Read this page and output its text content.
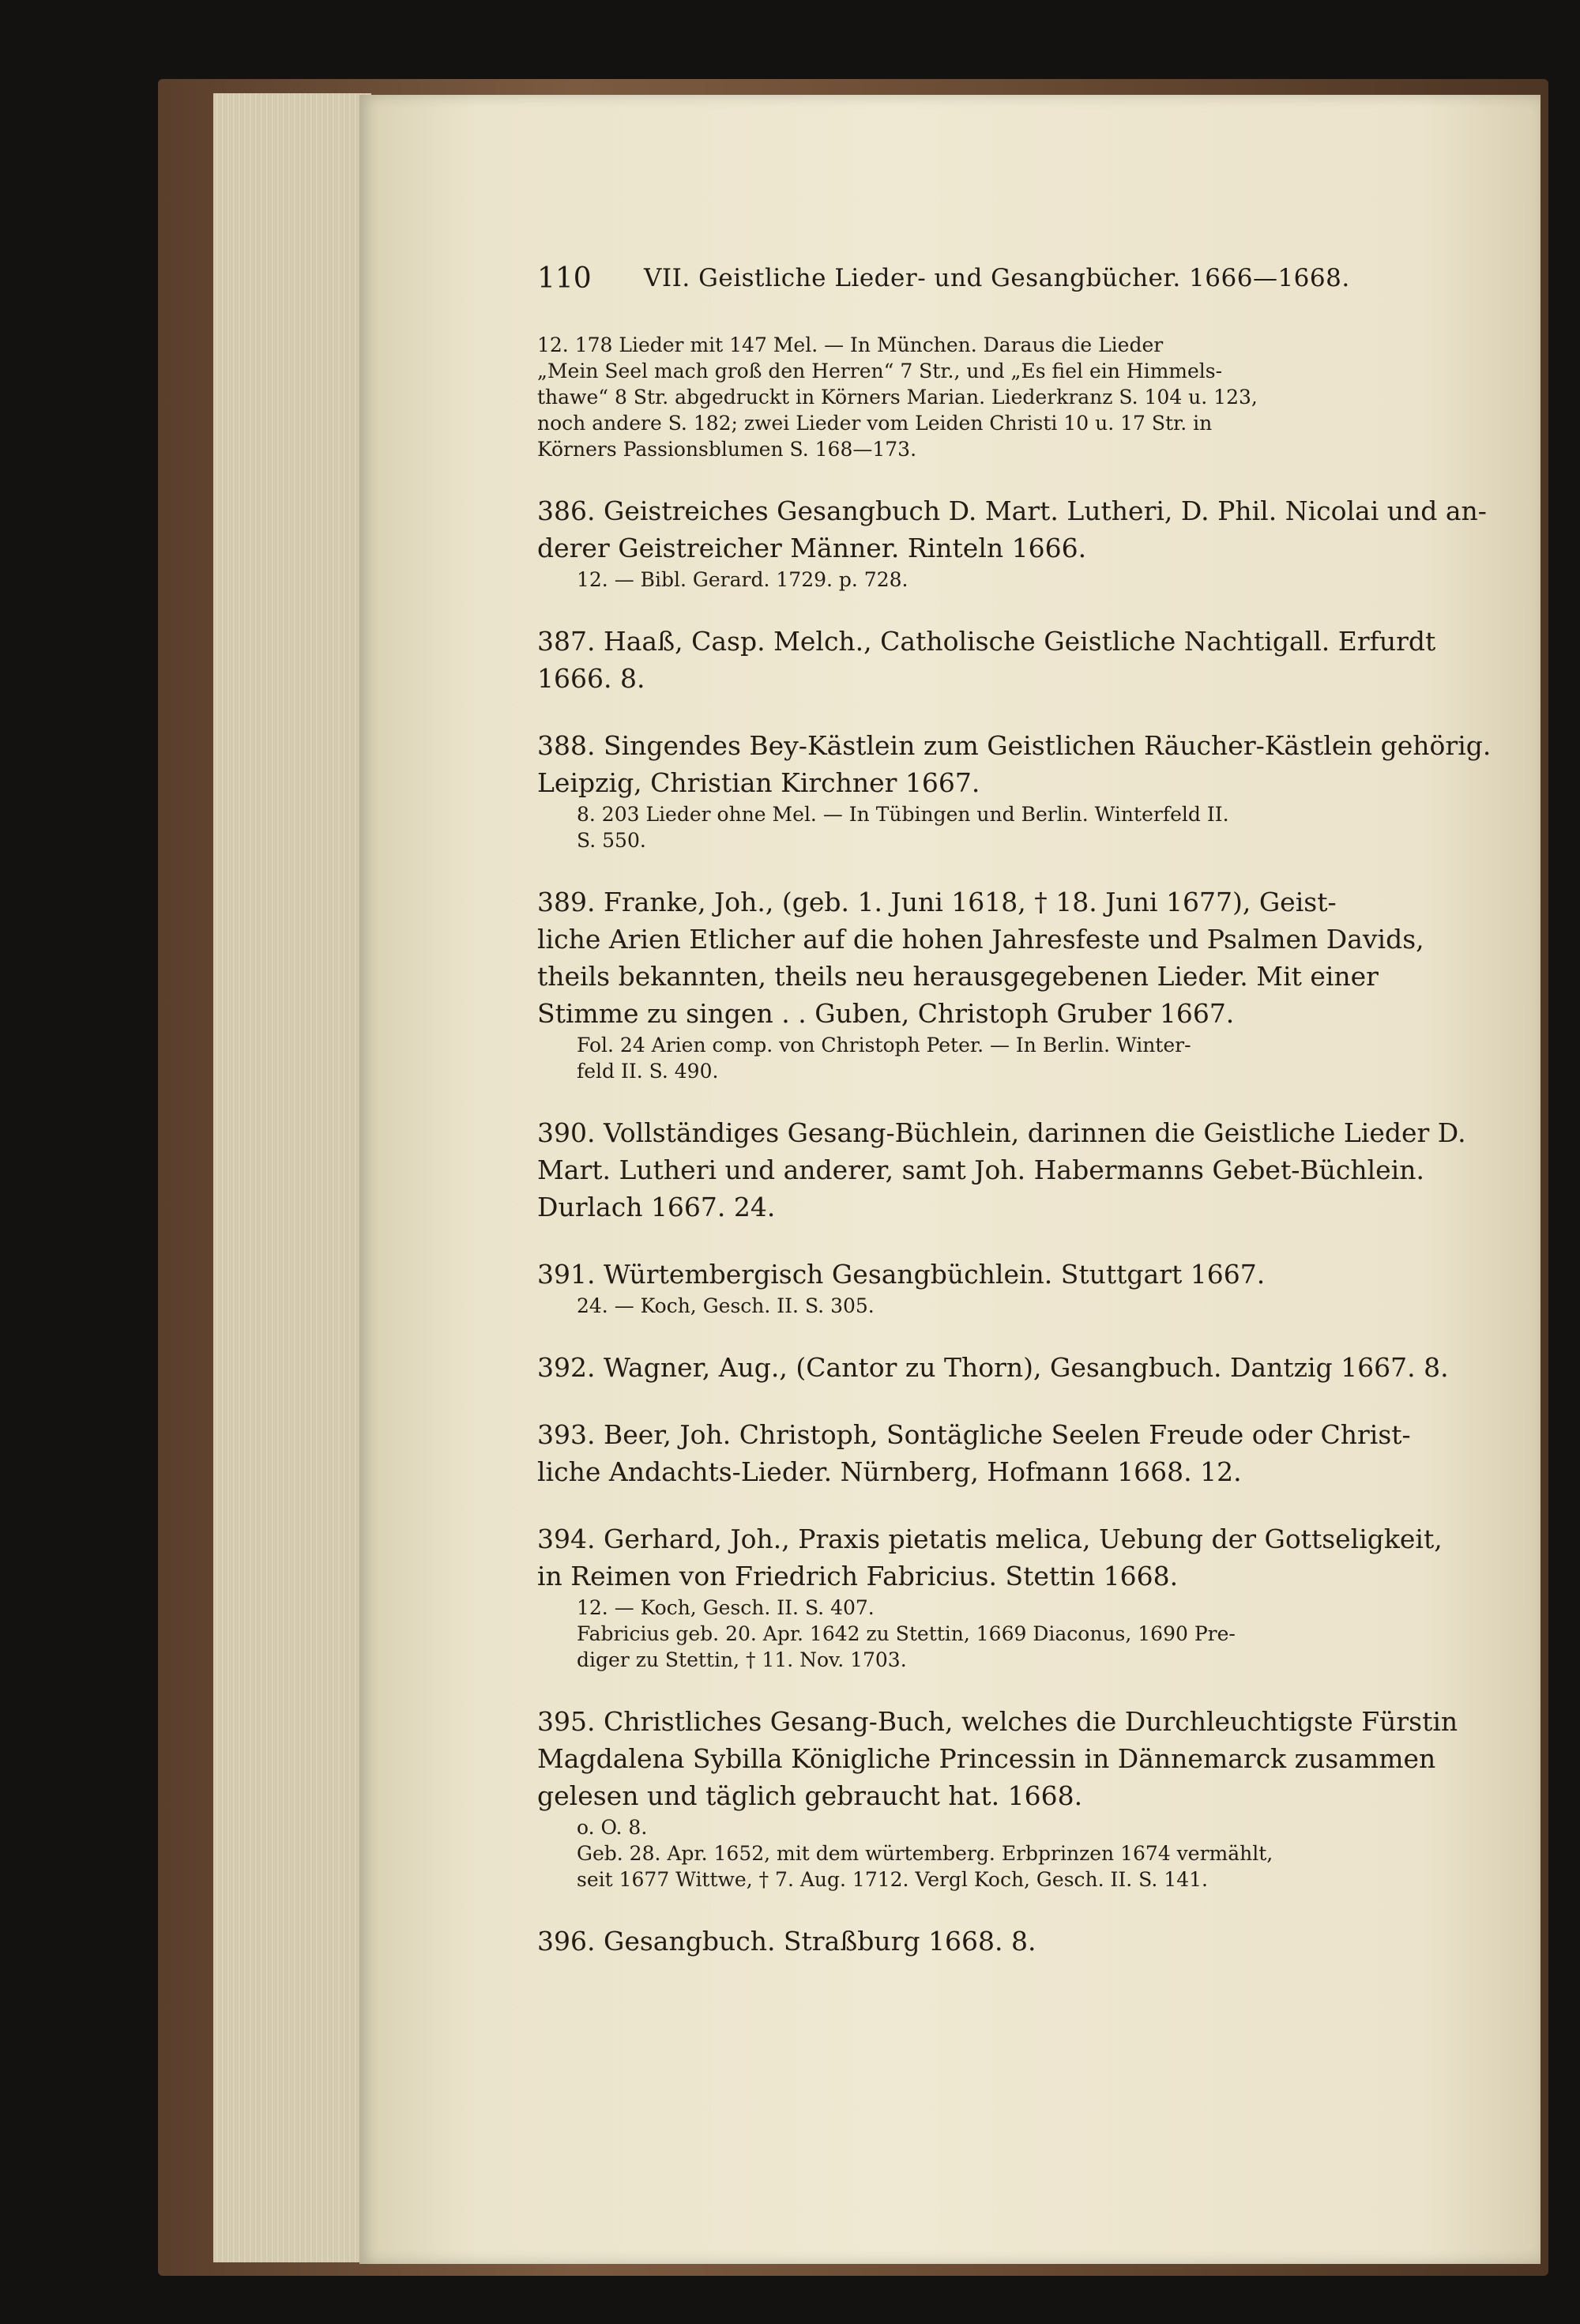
110 VII. Geistliche Lieder- und Gesangbücher. 1666—1668.
12. 178 Lieder mit 147 Mel. — In München. Daraus die Lieder
„Mein Seel mach groß den Herren“ 7 Str., und „Es fiel ein Himmels-
thawe“ 8 Str. abgedruckt in Körners Marian. Liederkranz S. 104 u. 123,
noch andere S. 182; zwei Lieder vom Leiden Christi 10 u. 17 Str. in
Körners Passionsblumen S. 168—173.
386. Geistreiches Gesangbuch D. Mart. Lutheri, D. Phil. Nicolai und an-
derer Geistreicher Männer. Rinteln 1666.
12. — Bibl. Gerard. 1729. p. 728.
387. Haaß, Casp. Melch., Catholische Geistliche Nachtigall. Erfurdt
1666. 8.
388. Singendes Bey-Kästlein zum Geistlichen Räucher-Kästlein gehörig.
Leipzig, Christian Kirchner 1667.
8. 203 Lieder ohne Mel. — In Tübingen und Berlin. Winterfeld II.
S. 550.
389. Franke, Joh., (geb. 1. Juni 1618, † 18. Juni 1677), Geist-
liche Arien Etlicher auf die hohen Jahresfeste und Psalmen Davids,
theils bekannten, theils neu herausgegebenen Lieder. Mit einer
Stimme zu singen . . Guben, Christoph Gruber 1667.
Fol. 24 Arien comp. von Christoph Peter. — In Berlin. Winter-
feld II. S. 490.
390. Vollständiges Gesang-Büchlein, darinnen die Geistliche Lieder D.
Mart. Lutheri und anderer, samt Joh. Habermanns Gebet-Büchlein.
Durlach 1667. 24.
391. Würtembergisch Gesangbüchlein. Stuttgart 1667.
24. — Koch, Gesch. II. S. 305.
392. Wagner, Aug., (Cantor zu Thorn), Gesangbuch. Dantzig 1667. 8.
393. Beer, Joh. Christoph, Sontägliche Seelen Freude oder Christ-
liche Andachts-Lieder. Nürnberg, Hofmann 1668. 12.
394. Gerhard, Joh., Praxis pietatis melica, Uebung der Gottseligkeit,
in Reimen von Friedrich Fabricius. Stettin 1668.
12. — Koch, Gesch. II. S. 407.
Fabricius geb. 20. Apr. 1642 zu Stettin, 1669 Diaconus, 1690 Pre-
diger zu Stettin, † 11. Nov. 1703.
395. Christliches Gesang-Buch, welches die Durchleuchtigste Fürstin
Magdalena Sybilla Königliche Princessin in Dännemarck zusammen
gelesen und täglich gebraucht hat. 1668.
o. O. 8.
Geb. 28. Apr. 1652, mit dem würtemberg. Erbprinzen 1674 vermählt,
seit 1677 Wittwe, † 7. Aug. 1712. Vergl Koch, Gesch. II. S. 141.
396. Gesangbuch. Straßburg 1668. 8.
